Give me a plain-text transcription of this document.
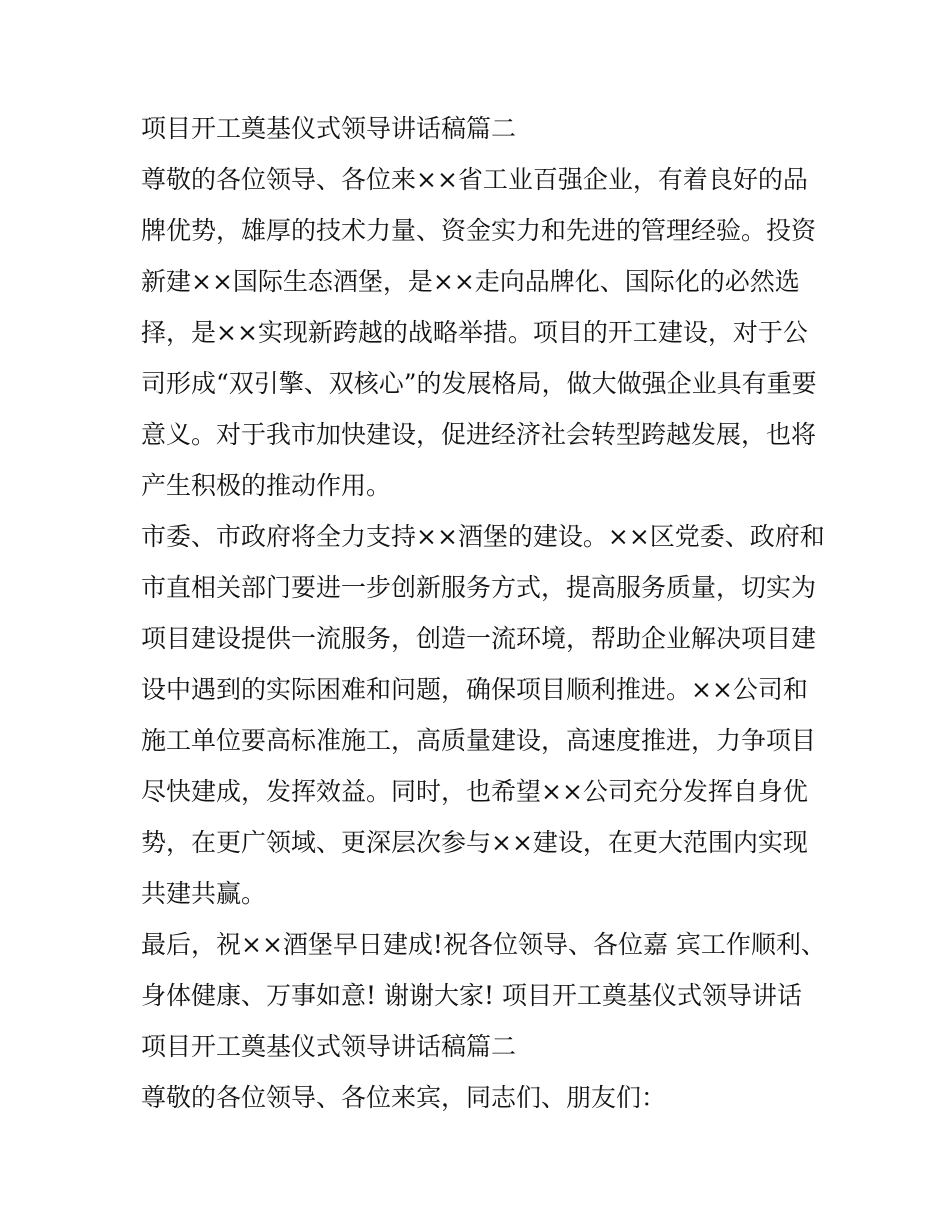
项目开工奠基仪式领导讲话稿篇二
尊敬的各位领导、各位来××省工业百强企业，有着良好的品
牌优势，雄厚的技术力量、资金实力和先进的管理经验。投资
新建××国际生态酒堡，是××走向品牌化、国际化的必然选
择，是××实现新跨越的战略举措。项目的开工建设，对于公
司形成“双引擎、双核心”的发展格局，做大做强企业具有重要
意义。对于我市加快建设，促进经济社会转型跨越发展，也将
产生积极的推动作用。
市委、市政府将全力支持××酒堡的建设。××区党委、政府和
市直相关部门要进一步创新服务方式，提高服务质量，切实为
项目建设提供一流服务，创造一流环境，帮助企业解决项目建
设中遇到的实际困难和问题，确保项目顺利推进。××公司和
施工单位要高标准施工，高质量建设，高速度推进，力争项目
尽快建成，发挥效益。同时，也希望××公司充分发挥自身优
势，在更广领域、更深层次参与××建设，在更大范围内实现
共建共赢。
最后，祝××酒堡早日建成!祝各位领导、各位嘉 宾工作顺利、
身体健康、万事如意! 谢谢大家! 项目开工奠基仪式领导讲话
项目开工奠基仪式领导讲话稿篇二
尊敬的各位领导、各位来宾，同志们、朋友们：
